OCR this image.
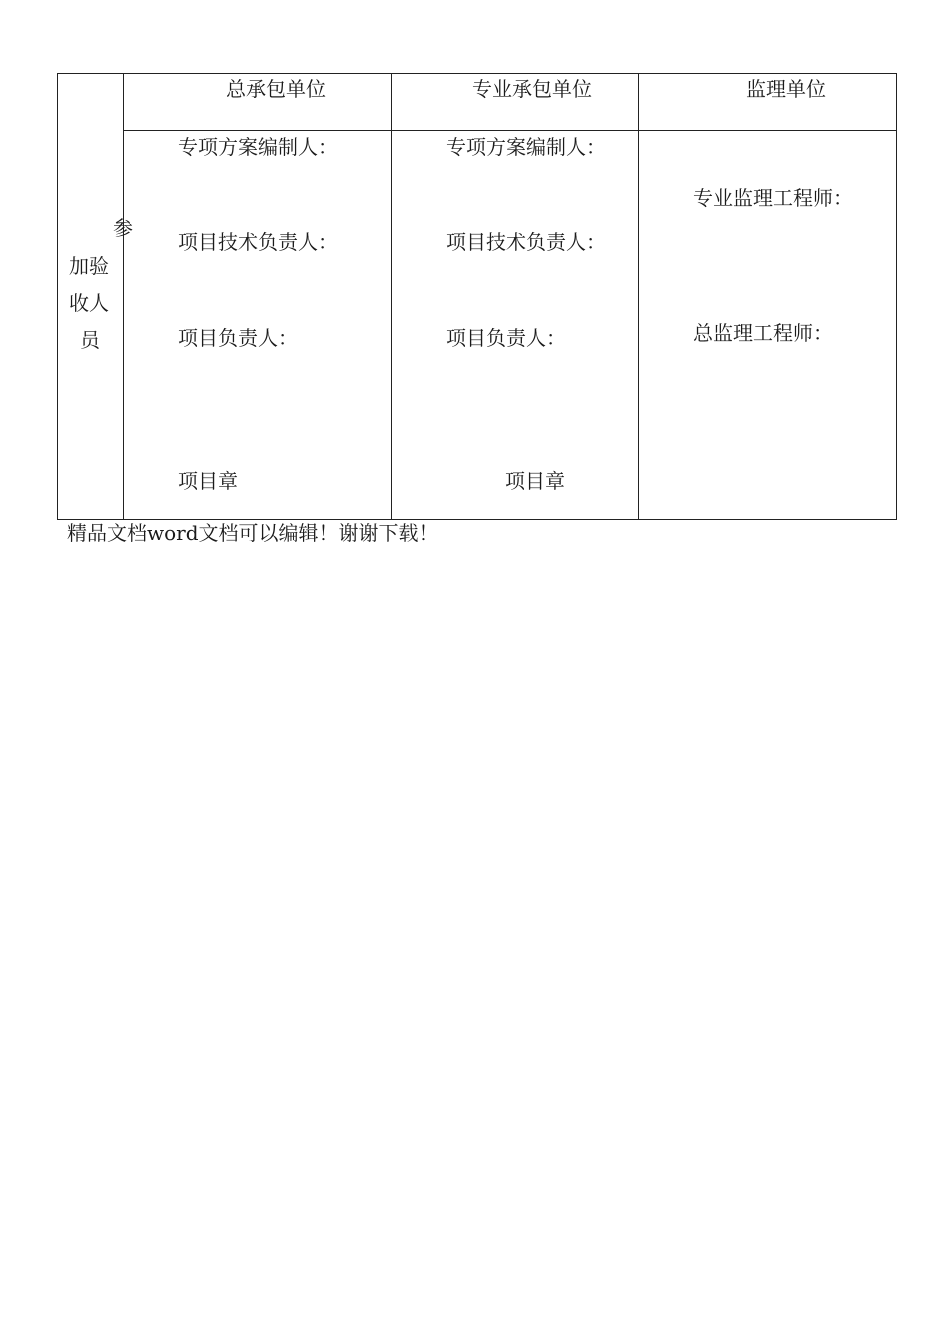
参
加验
收人
员
总承包单位	专业承包单位	监理单位
专项方案编制人：
项目技术负责人：
项目负责人：
项目章
专项方案编制人：
项目技术负责人：
项目负责人：
项目章
专业监理工程师：
总监理工程师：
精品文档word文档可以编辑！谢谢下载！
